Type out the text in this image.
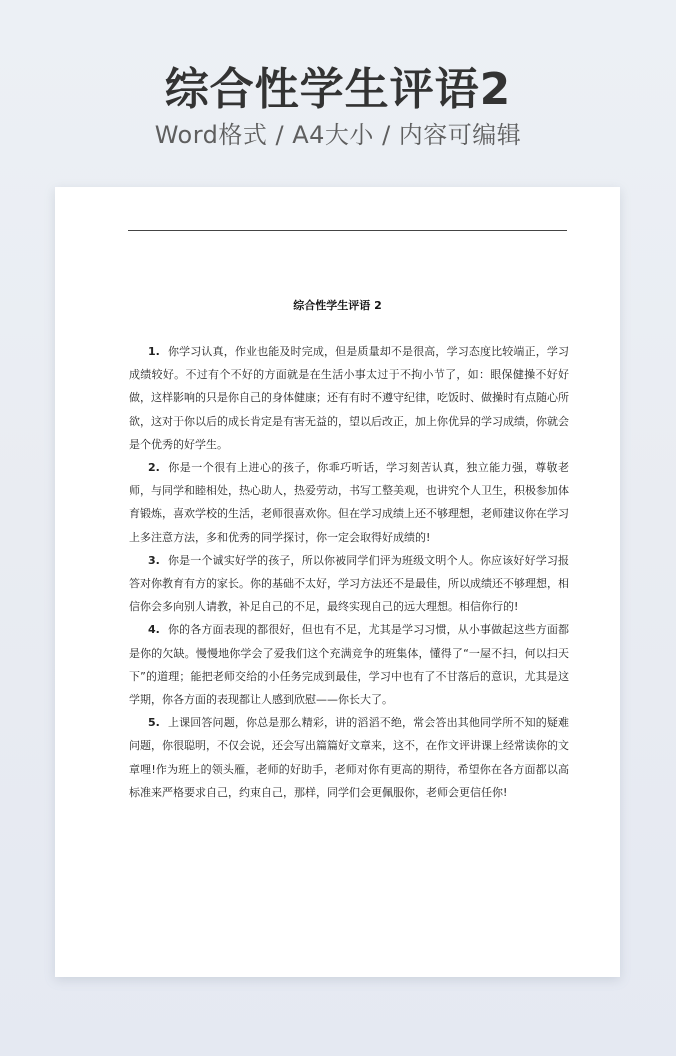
综合性学生评语2
Word格式 / A4大小 / 内容可编辑
综合性学生评语 2

1. 你学习认真，作业也能及时完成，但是质量却不是很高，学习态度比较端正，学习成绩较好。不过有个不好的方面就是在生活小事太过于不拘小节了，如：眼保健操不好好做，这样影响的只是你自己的身体健康；还有有时不遵守纪律，吃饭时、做操时有点随心所欲，这对于你以后的成长肯定是有害无益的，望以后改正，加上你优异的学习成绩，你就会是个优秀的好学生。

2. 你是一个很有上进心的孩子，你乖巧听话，学习刻苦认真，独立能力强，尊敬老师，与同学和睦相处，热心助人，热爱劳动，书写工整美观，也讲究个人卫生，积极参加体育锻炼，喜欢学校的生活，老师很喜欢你。但在学习成绩上还不够理想，老师建议你在学习上多注意方法，多和优秀的同学探讨，你一定会取得好成绩的!

3. 你是一个诚实好学的孩子，所以你被同学们评为班级文明个人。你应该好好学习报答对你教育有方的家长。你的基础不太好，学习方法还不是最佳，所以成绩还不够理想，相信你会多向别人请教，补足自己的不足，最终实现自己的远大理想。相信你行的!

4. 你的各方面表现的都很好，但也有不足，尤其是学习习惯，从小事做起这些方面都是你的欠缺。慢慢地你学会了爱我们这个充满竞争的班集体，懂得了“一屋不扫，何以扫天下”的道理；能把老师交给的小任务完成到最佳，学习中也有了不甘落后的意识，尤其是这学期，你各方面的表现都让人感到欣慰——你长大了。

5. 上课回答问题，你总是那么精彩，讲的滔滔不绝，常会答出其他同学所不知的疑难问题，你很聪明，不仅会说，还会写出篇篇好文章来，这不，在作文评讲课上经常读你的文章哩!作为班上的领头雁，老师的好助手，老师对你有更高的期待，希望你在各方面都以高标准来严格要求自己，约束自己，那样，同学们会更佩服你，老师会更信任你!
